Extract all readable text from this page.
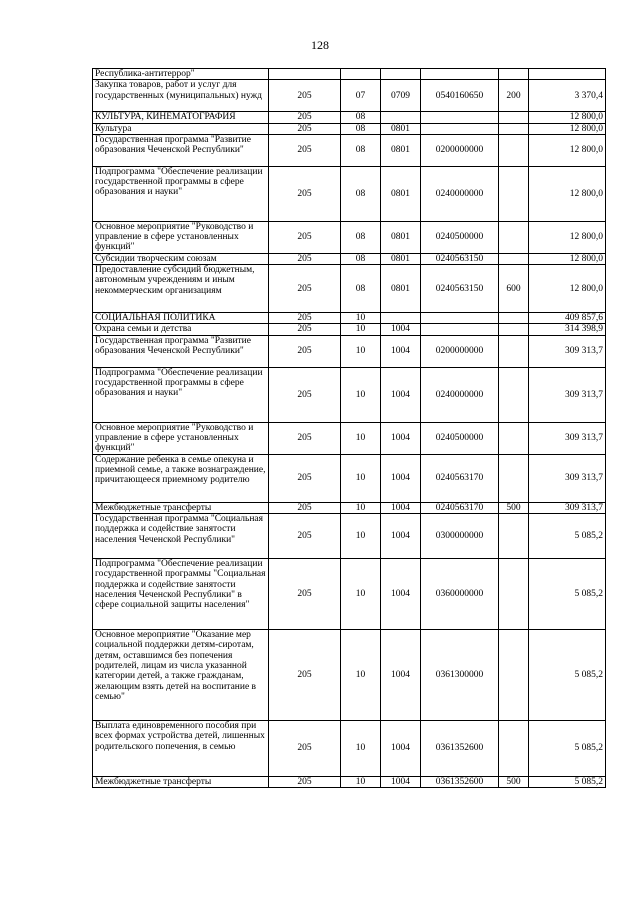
128
Республика-антитеррор"						
Закупка товаров, работ и услуг для государственных (муниципальных) нужд	205	07	0709	0540160650	200	3 370,4
КУЛЬТУРА, КИНЕМАТОГРАФИЯ	205	08				12 800,0
Культура	205	08	0801			12 800,0
Государственная программа "Развитие образования Чеченской Республики"	205	08	0801	0200000000		12 800,0
Подпрограмма "Обеспечение реализации государственной программы в сфере образования и науки"	205	08	0801	0240000000		12 800,0
Основное мероприятие "Руководство и управление в сфере установленных функций"	205	08	0801	0240500000		12 800,0
Субсидии творческим союзам	205	08	0801	0240563150		12 800,0
Предоставление субсидий бюджетным, автономным учреждениям и иным некоммерческим организациям	205	08	0801	0240563150	600	12 800,0
СОЦИАЛЬНАЯ ПОЛИТИКА	205	10				409 857,6
Охрана семьи и детства	205	10	1004			314 398,9
Государственная программа "Развитие образования Чеченской Республики"	205	10	1004	0200000000		309 313,7
Подпрограмма "Обеспечение реализации государственной программы в сфере образования и науки"	205	10	1004	0240000000		309 313,7
Основное мероприятие "Руководство и управление в сфере установленных функций"	205	10	1004	0240500000		309 313,7
Содержание ребенка в семье опекуна и приемной семье, а также вознаграждение, причитающееся приемному родителю	205	10	1004	0240563170		309 313,7
Межбюджетные трансферты	205	10	1004	0240563170	500	309 313,7
Государственная программа "Социальная поддержка и содействие занятости населения Чеченской Республики"	205	10	1004	0300000000		5 085,2
Подпрограмма "Обеспечение реализации государственной программы "Социальная поддержка и содействие занятости населения Чеченской Республики" в сфере социальной защиты населения"	205	10	1004	0360000000		5 085,2
Основное мероприятие "Оказание мер социальной поддержки детям-сиротам, детям, оставшимся без попечения родителей, лицам из числа указанной категории детей, а также гражданам, желающим взять детей на воспитание в семью"	205	10	1004	0361300000		5 085,2
Выплата единовременного пособия при всех формах устройства детей, лишенных родительского попечения, в семью	205	10	1004	0361352600		5 085,2
Межбюджетные трансферты	205	10	1004	0361352600	500	5 085,2
